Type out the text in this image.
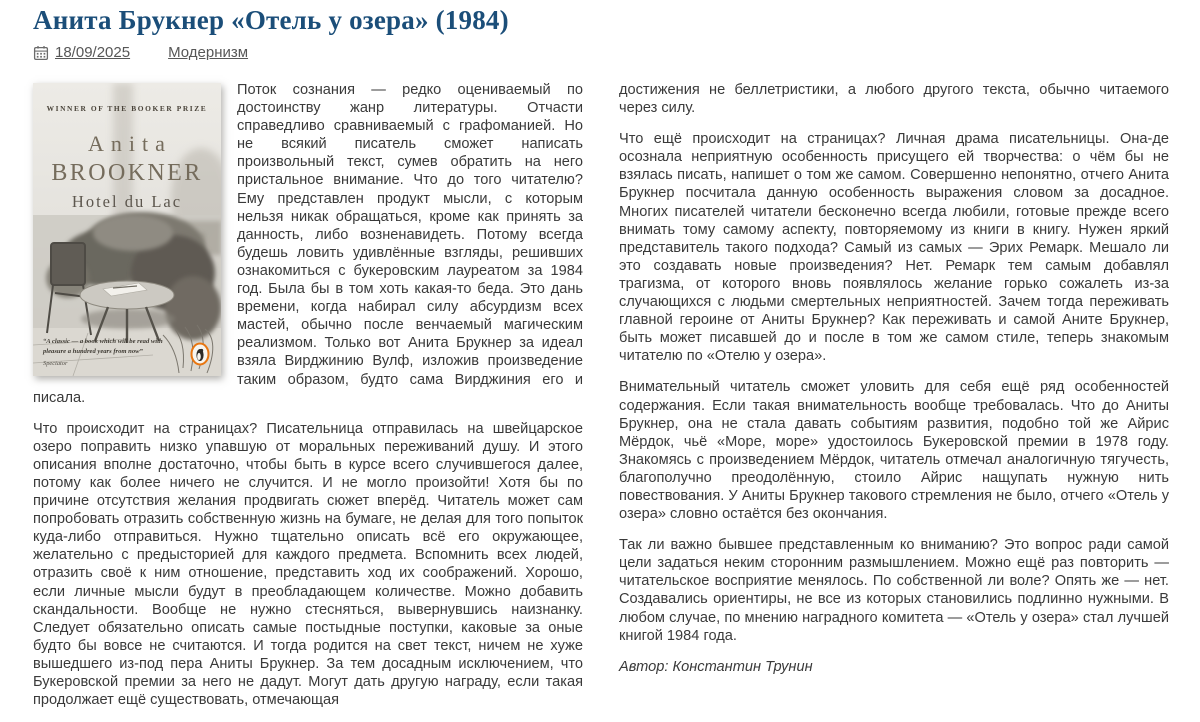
Анита Брукнер «Отель у озера» (1984)
18/09/2025	Модернизм
WINNER OF THE BOOKER PRIZE
Anita
BROOKNER
Hotel du Lac
“A classic — a book which will be read with
pleasure a hundred years from now”
Spectator

Поток сознания — редко оцениваемый по достоинству жанр литературы. Отчасти справедливо сравниваемый с графоманией. Но не всякий писатель сможет написать произвольный текст, сумев обратить на него пристальное внимание. Что до того читателю? Ему представлен продукт мысли, с которым нельзя никак обращаться, кроме как принять за данность, либо возненавидеть. Потому всегда будешь ловить удивлённые взгляды, решивших ознакомиться с букеровским лауреатом за 1984 год. Была бы в том хоть какая-то беда. Это дань времени, когда набирал силу абсурдизм всех мастей, обычно после венчаемый магическим реализмом. Только вот Анита Брукнер за идеал взяла Вирджинию Вулф, изложив произведение таким образом, будто сама Вирджиния его и писала.

Что происходит на страницах? Писательница отправилась на швейцарское озеро поправить низко упавшую от моральных переживаний душу. И этого описания вполне достаточно, чтобы быть в курсе всего случившегося далее, потому как более ничего не случится. И не могло произойти! Хотя бы по причине отсутствия желания продвигать сюжет вперёд. Читатель может сам попробовать отразить собственную жизнь на бумаге, не делая для того попыток куда-либо отправиться. Нужно тщательно описать всё его окружающее, желательно с предысторией для каждого предмета. Вспомнить всех людей, отразить своё к ним отношение, представить ход их соображений. Хорошо, если личные мысли будут в преобладающем количестве. Можно добавить скандальности. Вообще не нужно стесняться, вывернувшись наизнанку. Следует обязательно описать самые постыдные поступки, каковые за оные будто бы вовсе не считаются. И тогда родится на свет текст, ничем не хуже вышедшего из-под пера Аниты Брукнер. За тем досадным исключением, что Букеровской премии за него не дадут. Могут дать другую награду, если такая продолжает ещё существовать, отмечающая

достижения не беллетристики, а любого другого текста, обычно читаемого через силу.

Что ещё происходит на страницах? Личная драма писательницы. Она-де осознала неприятную особенность присущего ей творчества: о чём бы не взялась писать, напишет о том же самом. Совершенно непонятно, отчего Анита Брукнер посчитала данную особенность выражения словом за досадное. Многих писателей читатели бесконечно всегда любили, готовые прежде всего внимать тому самому аспекту, повторяемому из книги в книгу. Нужен яркий представитель такого подхода? Самый из самых — Эрих Ремарк. Мешало ли это создавать новые произведения? Нет. Ремарк тем самым добавлял трагизма, от которого вновь появлялось желание горько сожалеть из-за случающихся с людьми смертельных неприятностей. Зачем тогда переживать главной героине от Аниты Брукнер? Как переживать и самой Аните Брукнер, быть может писавшей до и после в том же самом стиле, теперь знакомым читателю по «Отелю у озера».

Внимательный читатель сможет уловить для себя ещё ряд особенностей содержания. Если такая внимательность вообще требовалась. Что до Аниты Брукнер, она не стала давать событиям развития, подобно той же Айрис Мёрдок, чьё «Море, море» удостоилось Букеровской премии в 1978 году. Знакомясь с произведением Мёрдок, читатель отмечал аналогичную тягучесть, благополучно преодолённую, стоило Айрис нащупать нужную нить повествования. У Аниты Брукнер такового стремления не было, отчего «Отель у озера» словно остаётся без окончания.

Так ли важно бывшее представленным ко вниманию? Это вопрос ради самой цели задаться неким сторонним размышлением. Можно ещё раз повторить — читательское восприятие менялось. По собственной ли воле? Опять же — нет. Создавались ориентиры, не все из которых становились подлинно нужными. В любом случае, по мнению наградного комитета — «Отель у озера» стал лучшей книгой 1984 года.

Автор: Константин Трунин
